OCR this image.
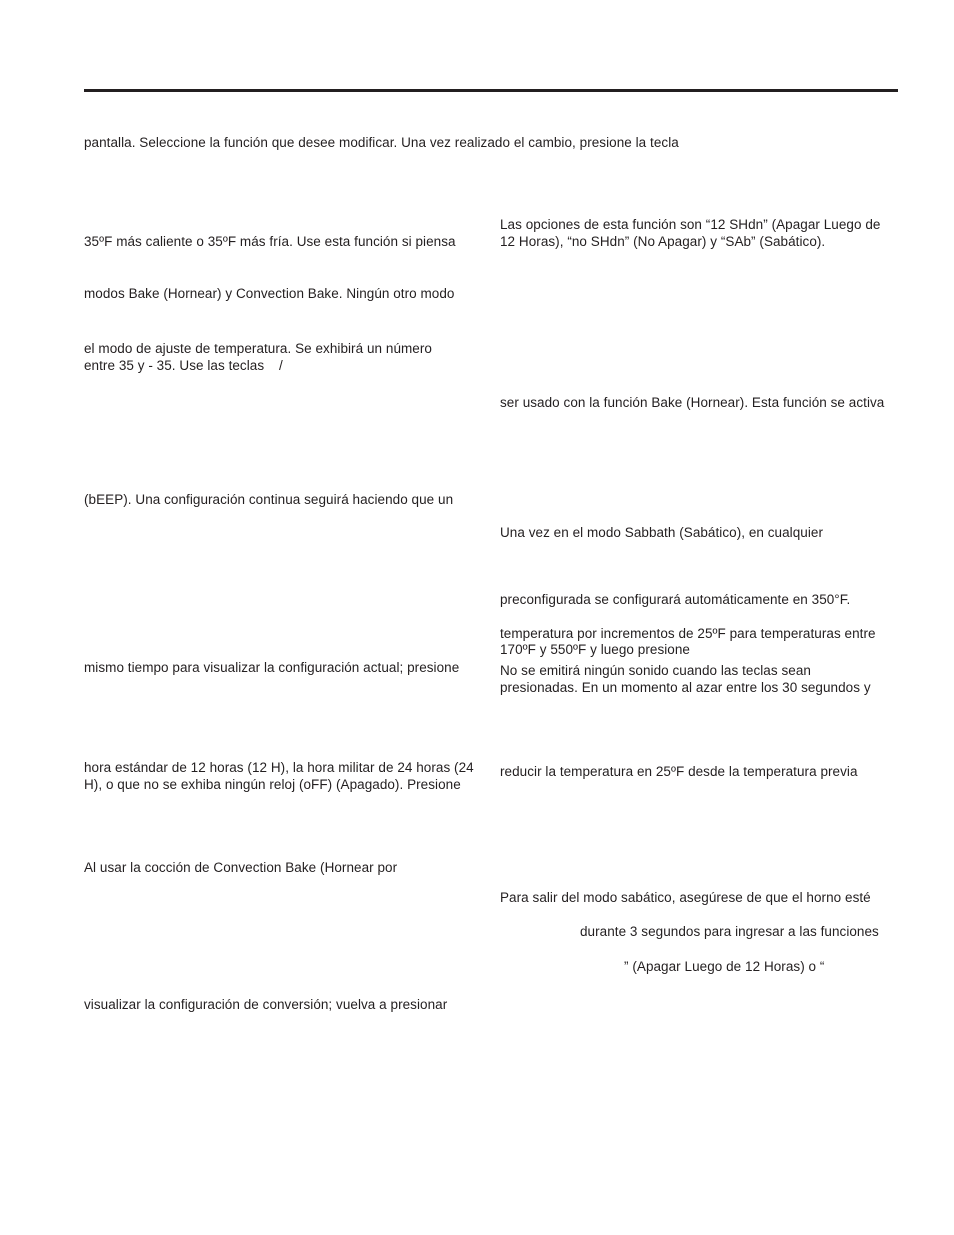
pantalla. Seleccione la función que desee modificar. Una vez realizado el cambio, presione la tecla
35ºF más caliente o 35ºF más fría. Use esta función si piensa
modos Bake (Hornear) y Convection Bake. Ningún otro modo
el modo de ajuste de temperatura. Se exhibirá un número
entre 35 y - 35. Use las teclas /
(bEEP). Una configuración continua seguirá haciendo que un
mismo tiempo para visualizar la configuración actual; presione
hora estándar de 12 horas (12 H), la hora militar de 24 horas (24
H), o que no se exhiba ningún reloj (oFF) (Apagado). Presione
Al usar la cocción de Convection Bake (Hornear por
visualizar la configuración de conversión; vuelva a presionar
Las opciones de esta función son “12 SHdn” (Apagar Luego de
12 Horas), “no SHdn” (No Apagar) y “SAb” (Sabático).
ser usado con la función Bake (Hornear). Esta función se activa
Una vez en el modo Sabbath (Sabático), en cualquier
preconfigurada se configurará automáticamente en 350°F.
temperatura por incrementos de 25ºF para temperaturas entre
170ºF y 550ºF y luego presione
No se emitirá ningún sonido cuando las teclas sean
presionadas. En un momento al azar entre los 30 segundos y
reducir la temperatura en 25ºF desde la temperatura previa
Para salir del modo sabático, asegúrese de que el horno esté
durante 3 segundos para ingresar a las funciones
” (Apagar Luego de 12 Horas) o “
